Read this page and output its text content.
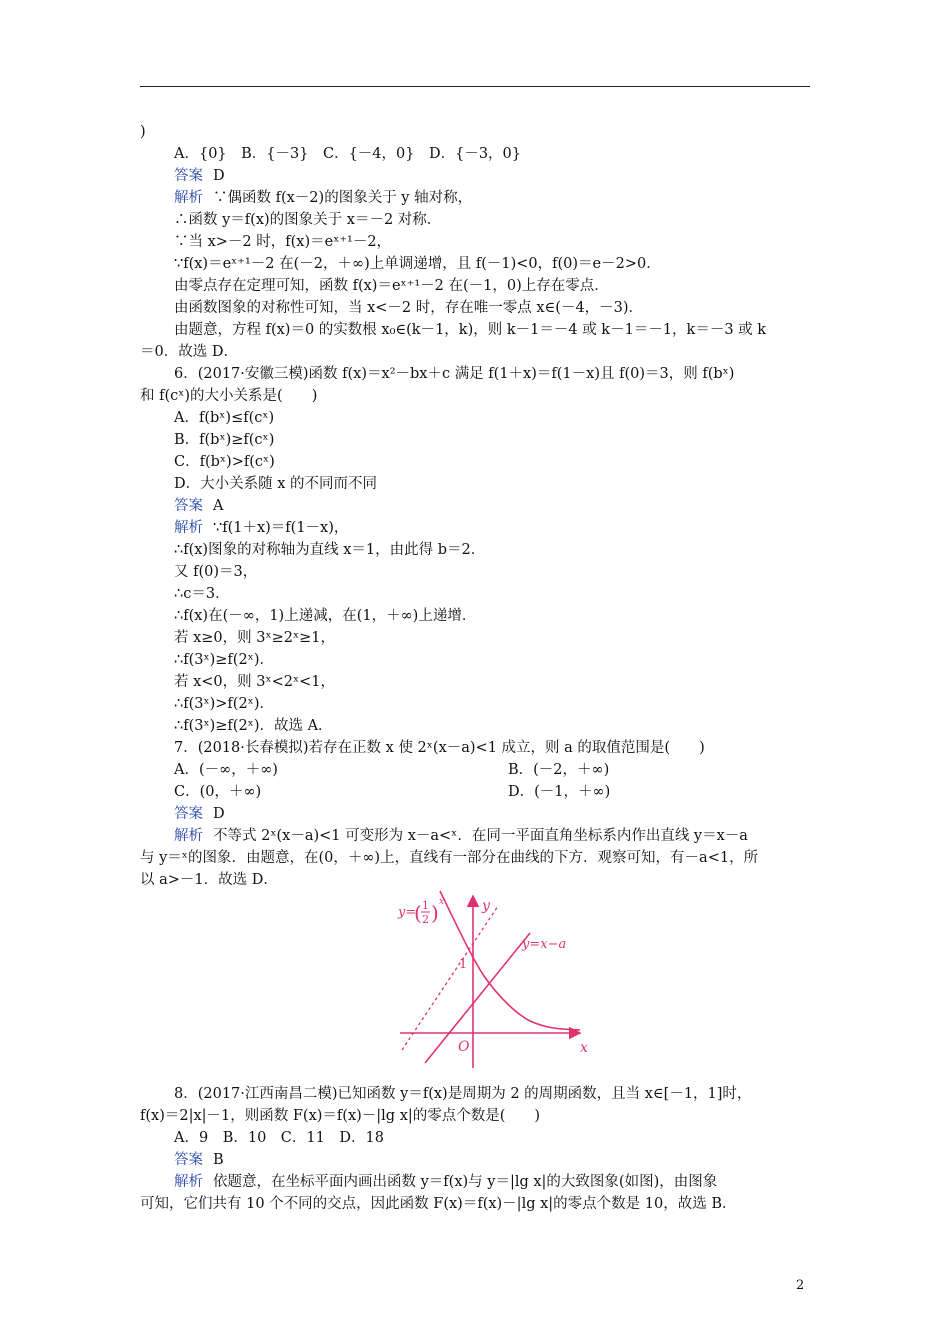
)
A．{0}　B．{－3}　C．{－4，0}　D．{－3，0}
答案 D
解析 ∵偶函数 f(x－2)的图象关于 y 轴对称，
∴函数 y＝f(x)的图象关于 x＝－2 对称．
∵当 x>－2 时，f(x)＝eˣ⁺¹－2，
∵f(x)＝eˣ⁺¹－2 在(－2，＋∞)上单调递增，且 f(－1)<0，f(0)＝e－2>0．
由零点存在定理可知，函数 f(x)＝eˣ⁺¹－2 在(－1，0)上存在零点．
由函数图象的对称性可知，当 x<－2 时，存在唯一零点 x∈(－4，－3)．
由题意，方程 f(x)＝0 的实数根 x₀∈(k－1，k)，则 k－1＝－4 或 k－1＝－1，k＝－3 或 k
＝0．故选 D．
6．(2017·安徽三模)函数 f(x)＝x²－bx＋c 满足 f(1＋x)＝f(1－x)且 f(0)＝3，则 f(bˣ)
和 f(cˣ)的大小关系是(　　)
A．f(bˣ)≤f(cˣ)
B．f(bˣ)≥f(cˣ)
C．f(bˣ)>f(cˣ)
D．大小关系随 x 的不同而不同
答案 A
解析 ∵f(1＋x)＝f(1－x)，
∴f(x)图象的对称轴为直线 x＝1，由此得 b＝2．
又 f(0)＝3，
∴c＝3．
∴f(x)在(－∞，1)上递减，在(1，＋∞)上递增．
若 x≥0，则 3ˣ≥2ˣ≥1，
∴f(3ˣ)≥f(2ˣ)．
若 x<0，则 3ˣ<2ˣ<1，
∴f(3ˣ)>f(2ˣ)．
∴f(3ˣ)≥f(2ˣ)．故选 A．
7．(2018·长春模拟)若存在正数 x 使 2ˣ(x－a)<1 成立，则 a 的取值范围是(　　)
A．(－∞，＋∞)	B．(－2，＋∞)
C．(0，＋∞)	D．(－1，＋∞)
答案 D
解析 不等式 2ˣ(x－a)<1 可变形为 x－a<ˣ．在同一平面直角坐标系内作出直线 y＝x－a
与 y＝ˣ的图象．由题意，在(0，＋∞)上，直线有一部分在曲线的下方．观察可知，有－a<1，所
以 a>－1．故选 D．
y=
( 1
2 ) x	y
x
y=x−a
1
O
8．(2017·江西南昌二模)已知函数 y＝f(x)是周期为 2 的周期函数，且当 x∈[－1，1]时，
f(x)＝2|x|－1，则函数 F(x)＝f(x)－|lg x|的零点个数是(　　)
A．9　B．10　C．11　D．18
答案 B
解析 依题意，在坐标平面内画出函数 y＝f(x)与 y＝|lg x|的大致图象(如图)，由图象
可知，它们共有 10 个不同的交点，因此函数 F(x)＝f(x)－|lg x|的零点个数是 10，故选 B．
2
